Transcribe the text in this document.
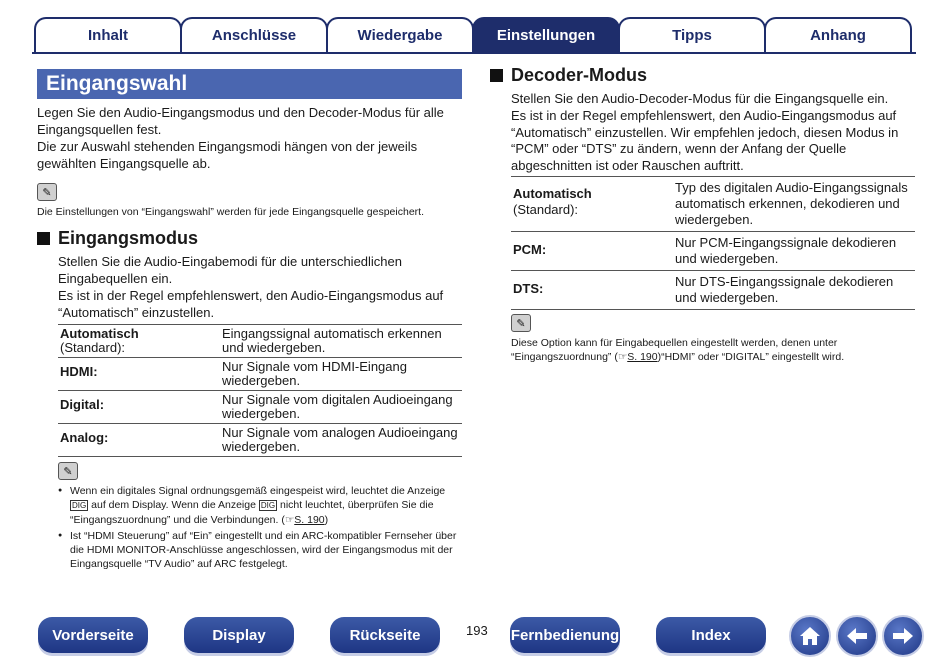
Inhalt	Anschlüsse	Wiedergabe	Einstellungen	Tipps	Anhang
Eingangswahl

Legen Sie den Audio-Eingangsmodus und den Decoder-Modus für alle Eingangsquellen fest.

Die zur Auswahl stehenden Eingangsmodi hängen von der jeweils gewählten Eingangsquelle ab.

✎

Die Einstellungen von “Eingangswahl” werden für jede Eingangsquelle gespeichert.

Eingangsmodus

Stellen Sie die Audio-Eingabemodi für die unterschiedlichen Eingabequellen ein.

Es ist in der Regel empfehlenswert, den Audio-Eingangsmodus auf “Automatisch” einzustellen.

Automatisch
(Standard):	Eingangssignal automatisch erkennen und wiedergeben.
HDMI:	Nur Signale vom HDMI-Eingang wiedergeben.
Digital:	Nur Signale vom digitalen Audioeingang wiedergeben.
Analog:	Nur Signale vom analogen Audioeingang wiedergeben.
✎
● Wenn ein digitales Signal ordnungsgemäß eingespeist wird, leuchtet die Anzeige DIG auf dem Display. Wenn die Anzeige DIG nicht leuchtet, überprüfen Sie die “Eingangszuordnung” und die Verbindungen. (☞S. 190)
● Ist “HDMI Steuerung” auf “Ein” eingestellt und ein ARC-kompatibler Fernseher über die HDMI MONITOR-Anschlüsse angeschlossen, wird der Eingangsmodus mit der Eingangsquelle “TV Audio” auf ARC festgelegt.
Decoder-Modus

Stellen Sie den Audio-Decoder-Modus für die Eingangsquelle ein.

Es ist in der Regel empfehlenswert, den Audio-Eingangsmodus auf “Automatisch” einzustellen. Wir empfehlen jedoch, diesen Modus in “PCM” oder “DTS” zu ändern, wenn der Anfang der Quelle abgeschnitten ist oder Rauschen auftritt.

Automatisch
(Standard):	Typ des digitalen Audio-Eingangssignals automatisch erkennen, dekodieren und wiedergeben.
PCM:	Nur PCM-Eingangssignale dekodieren und wiedergeben.
DTS:	Nur DTS-Eingangssignale dekodieren und wiedergeben.
✎

Diese Option kann für Eingabequellen eingestellt werden, denen unter “Eingangszuordnung” (☞S. 190)“HDMI” oder “DIGITAL” eingestellt wird.

Vorderseite	Display	Rückseite	193 Fernbedienung	Index
